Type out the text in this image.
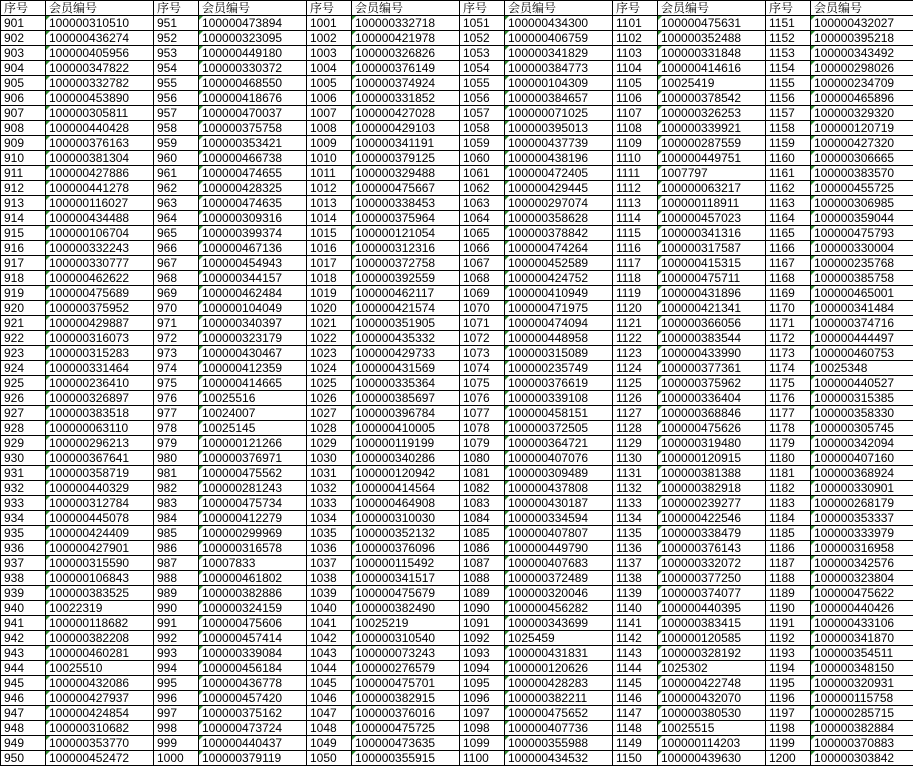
序号	会员编号	序号	会员编号	序号	会员编号	序号	会员编号	序号	会员编号	序号	会员编号
901	100000310510	951	100000473894	1001	100000332718	1051	100000434300	1101	100000475631	1151	100000432027
902	100000436274	952	100000323095	1002	100000421978	1052	100000406759	1102	100000352488	1152	100000395218
903	100000405956	953	100000449180	1003	100000326826	1053	100000341829	1103	100000331848	1153	100000343492
904	100000347822	954	100000330372	1004	100000376149	1054	100000384773	1104	100000414616	1154	100000298026
905	100000332782	955	100000468550	1005	100000374924	1055	100000104309	1105	10025419	1155	100000234709
906	100000453890	956	100000418676	1006	100000331852	1056	100000384657	1106	100000378542	1156	100000465896
907	100000305811	957	100000470037	1007	100000427028	1057	100000071025	1107	100000326253	1157	100000329320
908	100000440428	958	100000375758	1008	100000429103	1058	100000395013	1108	100000339921	1158	100000120719
909	100000376163	959	100000353421	1009	100000341191	1059	100000437739	1109	100000287559	1159	100000427320
910	100000381304	960	100000466738	1010	100000379125	1060	100000438196	1110	100000449751	1160	100000306665
911	100000427886	961	100000474655	1011	100000329488	1061	100000472405	1111	1007797	1161	100000383570
912	100000441278	962	100000428325	1012	100000475667	1062	100000429445	1112	100000063217	1162	100000455725
913	100000116027	963	100000474635	1013	100000338453	1063	100000297074	1113	100000118911	1163	100000306985
914	100000434488	964	100000309316	1014	100000375964	1064	100000358628	1114	100000457023	1164	100000359044
915	100000106704	965	100000399374	1015	100000121054	1065	100000378842	1115	100000341316	1165	100000475793
916	100000332243	966	100000467136	1016	100000312316	1066	100000474264	1116	100000317587	1166	100000330004
917	100000330777	967	100000454943	1017	100000372758	1067	100000452589	1117	100000415315	1167	100000235768
918	100000462622	968	100000344157	1018	100000392559	1068	100000424752	1118	100000475711	1168	100000385758
919	100000475689	969	100000462484	1019	100000462117	1069	100000410949	1119	100000431896	1169	100000465001
920	100000375952	970	100000104049	1020	100000421574	1070	100000471975	1120	100000421341	1170	100000341484
921	100000429887	971	100000340397	1021	100000351905	1071	100000474094	1121	100000366056	1171	100000374716
922	100000316073	972	100000323179	1022	100000435332	1072	100000448958	1122	100000383544	1172	100000444497
923	100000315283	973	100000430467	1023	100000429733	1073	100000315089	1123	100000433990	1173	100000460753
924	100000331464	974	100000412359	1024	100000431569	1074	100000235749	1124	100000377361	1174	10025348
925	100000236410	975	100000414665	1025	100000335364	1075	100000376619	1125	100000375962	1175	100000440527
926	100000326897	976	10025516	1026	100000385697	1076	100000339108	1126	100000336404	1176	100000315385
927	100000383518	977	10024007	1027	100000396784	1077	100000458151	1127	100000368846	1177	100000358330
928	100000063110	978	10025145	1028	100000410005	1078	100000372505	1128	100000475626	1178	100000305745
929	100000296213	979	100000121266	1029	100000119199	1079	100000364721	1129	100000319480	1179	100000342094
930	100000367641	980	100000376971	1030	100000340286	1080	100000407076	1130	100000120915	1180	100000407160
931	100000358719	981	100000475562	1031	100000120942	1081	100000309489	1131	100000381388	1181	100000368924
932	100000440329	982	100000281243	1032	100000414564	1082	100000437808	1132	100000382918	1182	100000330901
933	100000312784	983	100000475734	1033	100000464908	1083	100000430187	1133	100000239277	1183	100000268179
934	100000445078	984	100000412279	1034	100000310030	1084	100000334594	1134	100000422546	1184	100000353337
935	100000424409	985	100000299969	1035	100000352132	1085	100000407807	1135	100000338479	1185	100000333979
936	100000427901	986	100000316578	1036	100000376096	1086	100000449790	1136	100000376143	1186	100000316958
937	100000315590	987	10007833	1037	100000115492	1087	100000407683	1137	100000332072	1187	100000342576
938	100000106843	988	100000461802	1038	100000341517	1088	100000372489	1138	100000377250	1188	100000323804
939	100000383525	989	100000382886	1039	100000475679	1089	100000320046	1139	100000374077	1189	100000475622
940	10022319	990	100000324159	1040	100000382490	1090	100000456282	1140	100000440395	1190	100000440426
941	100000118682	991	100000475606	1041	10025219	1091	100000343699	1141	100000383415	1191	100000433106
942	100000382208	992	100000457414	1042	100000310540	1092	1025459	1142	100000120585	1192	100000341870
943	100000460281	993	100000339084	1043	100000073243	1093	100000431831	1143	100000328192	1193	100000354511
944	10025510	994	100000456184	1044	100000276579	1094	100000120626	1144	1025302	1194	100000348150
945	100000432086	995	100000436778	1045	100000475701	1095	100000428283	1145	100000422748	1195	100000320931
946	100000427937	996	100000457420	1046	100000382915	1096	100000382211	1146	100000432070	1196	100000115758
947	100000424854	997	100000375162	1047	100000376016	1097	100000475652	1147	100000380530	1197	100000285715
948	100000310682	998	100000473724	1048	100000475725	1098	100000407736	1148	10025515	1198	100000382884
949	100000353770	999	100000440437	1049	100000473635	1099	100000355988	1149	100000114203	1199	100000370883
950	100000452472	1000	100000379119	1050	100000355915	1100	100000434532	1150	100000439630	1200	100000303842
